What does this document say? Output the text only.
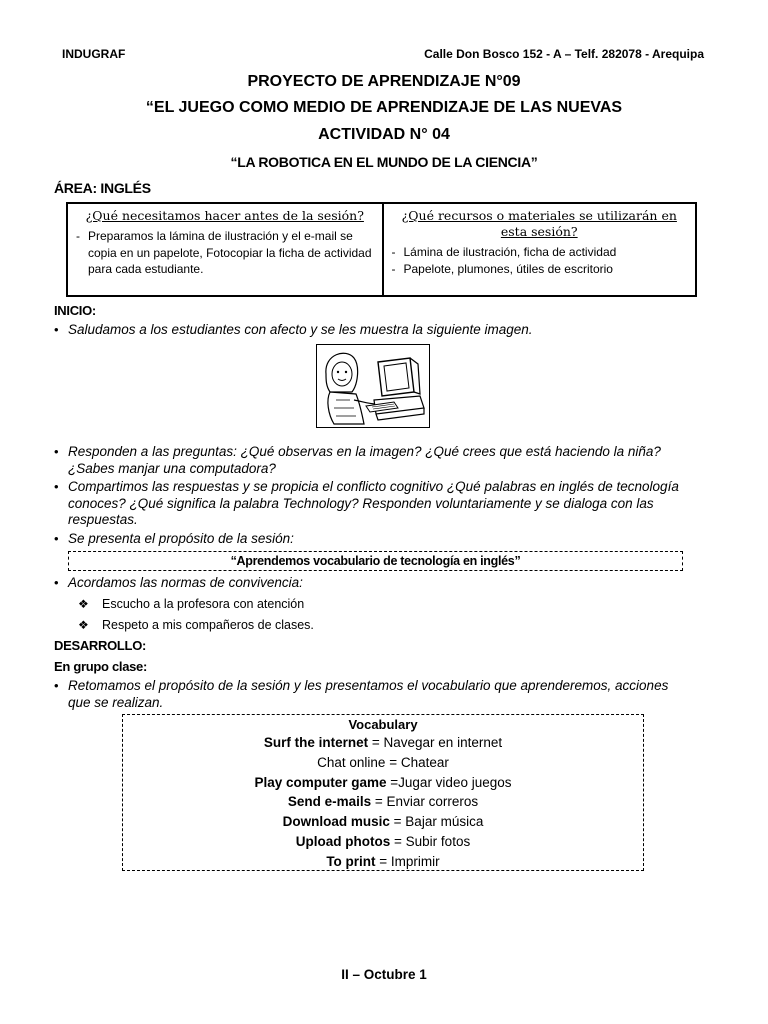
INDUGRAF	Calle Don Bosco 152 - A – Telf. 282078 - Arequipa
PROYECTO DE APRENDIZAJE N°09
“EL JUEGO COMO MEDIO DE APRENDIZAJE DE LAS NUEVAS
ACTIVIDAD N° 04
“LA ROBOTICA EN EL MUNDO DE LA CIENCIA”
ÁREA: INGLÉS
¿Qué necesitamos hacer antes de la sesión?
- Preparamos la lámina de ilustración y el e-mail se copia en un papelote, Fotocopiar la ficha de actividad para cada estudiante.
¿Qué recursos o materiales se utilizarán en esta sesión?
- Lámina de ilustración, ficha de actividad
- Papelote, plumones, útiles de escritorio
INICIO:
• Saludamos a los estudiantes con afecto y se les muestra la siguiente imagen.
• Responden a las preguntas: ¿Qué observas en la imagen? ¿Qué crees que está haciendo la niña? ¿Sabes manjar una computadora?
• Compartimos las respuestas y se propicia el conflicto cognitivo ¿Qué palabras en inglés de tecnología conoces? ¿Qué significa la palabra Technology? Responden voluntariamente y se dialoga con las respuestas.
• Se presenta el propósito de la sesión:
“Aprendemos vocabulario de tecnología en inglés”
• Acordamos las normas de convivencia:
❖	Escucho a la profesora con atención
❖	Respeto a mis compañeros de clases.
DESARROLLO:
En grupo clase:
• Retomamos el propósito de la sesión y les presentamos el vocabulario que aprenderemos, acciones que se realizan.
Vocabulary
Surf the internet = Navegar en internet
Chat online = Chatear
Play computer game =Jugar video juegos
Send e-mails = Enviar correros
Download music = Bajar música
Upload photos = Subir fotos
To print = Imprimir
II – Octubre 1
